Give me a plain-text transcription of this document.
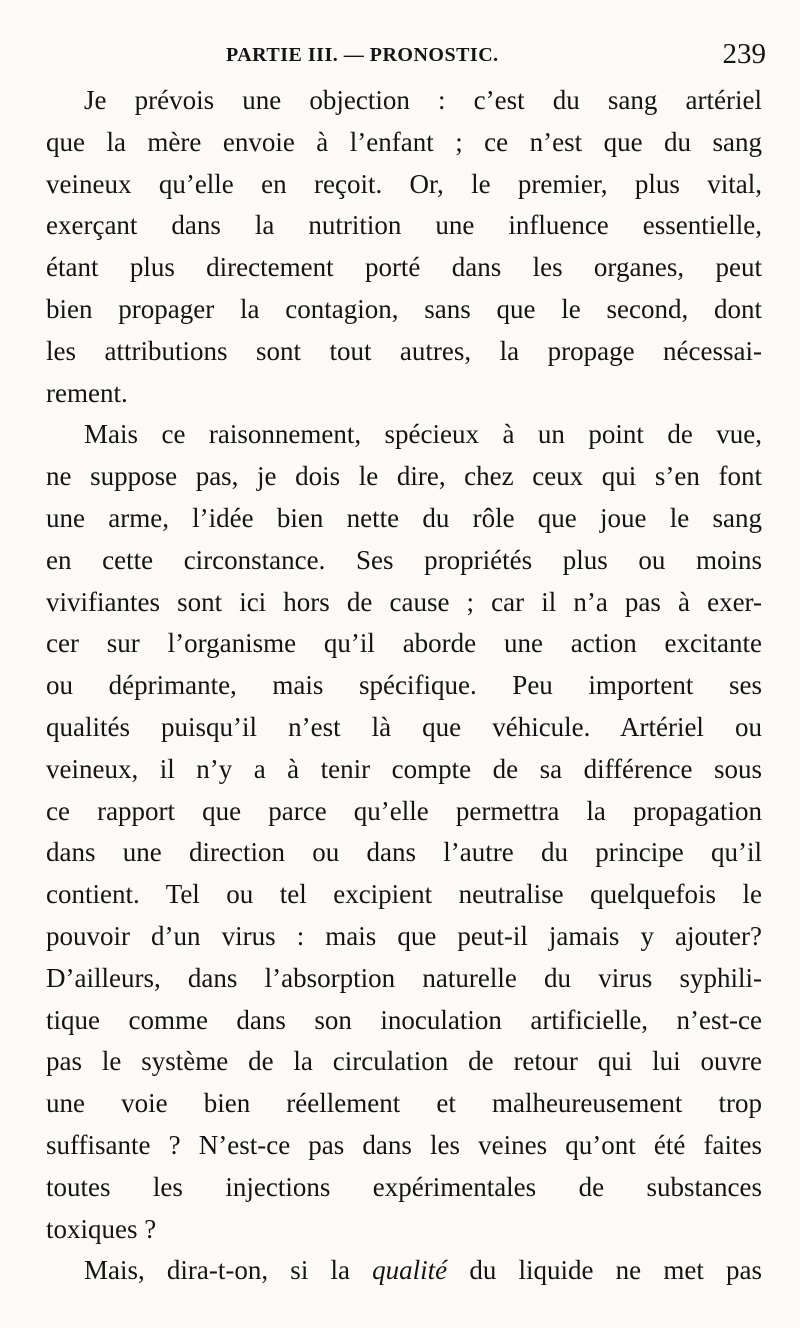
PARTIE III. — PRONOSTIC.	239
Je prévois une objection : c’est du sang artériel
que la mère envoie à l’enfant ; ce n’est que du sang
veineux qu’elle en reçoit. Or, le premier, plus vital,
exerçant dans la nutrition une influence essentielle,
étant plus directement porté dans les organes, peut
bien propager la contagion, sans que le second, dont
les attributions sont tout autres, la propage nécessai-
rement.
Mais ce raisonnement, spécieux à un point de vue,
ne suppose pas, je dois le dire, chez ceux qui s’en font
une arme, l’idée bien nette du rôle que joue le sang
en cette circonstance. Ses propriétés plus ou moins
vivifiantes sont ici hors de cause ; car il n’a pas à exer-
cer sur l’organisme qu’il aborde une action excitante
ou déprimante, mais spécifique. Peu importent ses
qualités puisqu’il n’est là que véhicule. Artériel ou
veineux, il n’y a à tenir compte de sa différence sous
ce rapport que parce qu’elle permettra la propagation
dans une direction ou dans l’autre du principe qu’il
contient. Tel ou tel excipient neutralise quelquefois le
pouvoir d’un virus : mais que peut-il jamais y ajouter?
D’ailleurs, dans l’absorption naturelle du virus syphili-
tique comme dans son inoculation artificielle, n’est-ce
pas le système de la circulation de retour qui lui ouvre
une voie bien réellement et malheureusement trop
suffisante ? N’est-ce pas dans les veines qu’ont été faites
toutes les injections expérimentales de substances
toxiques ?
Mais, dira-t-on, si la qualité du liquide ne met pas
